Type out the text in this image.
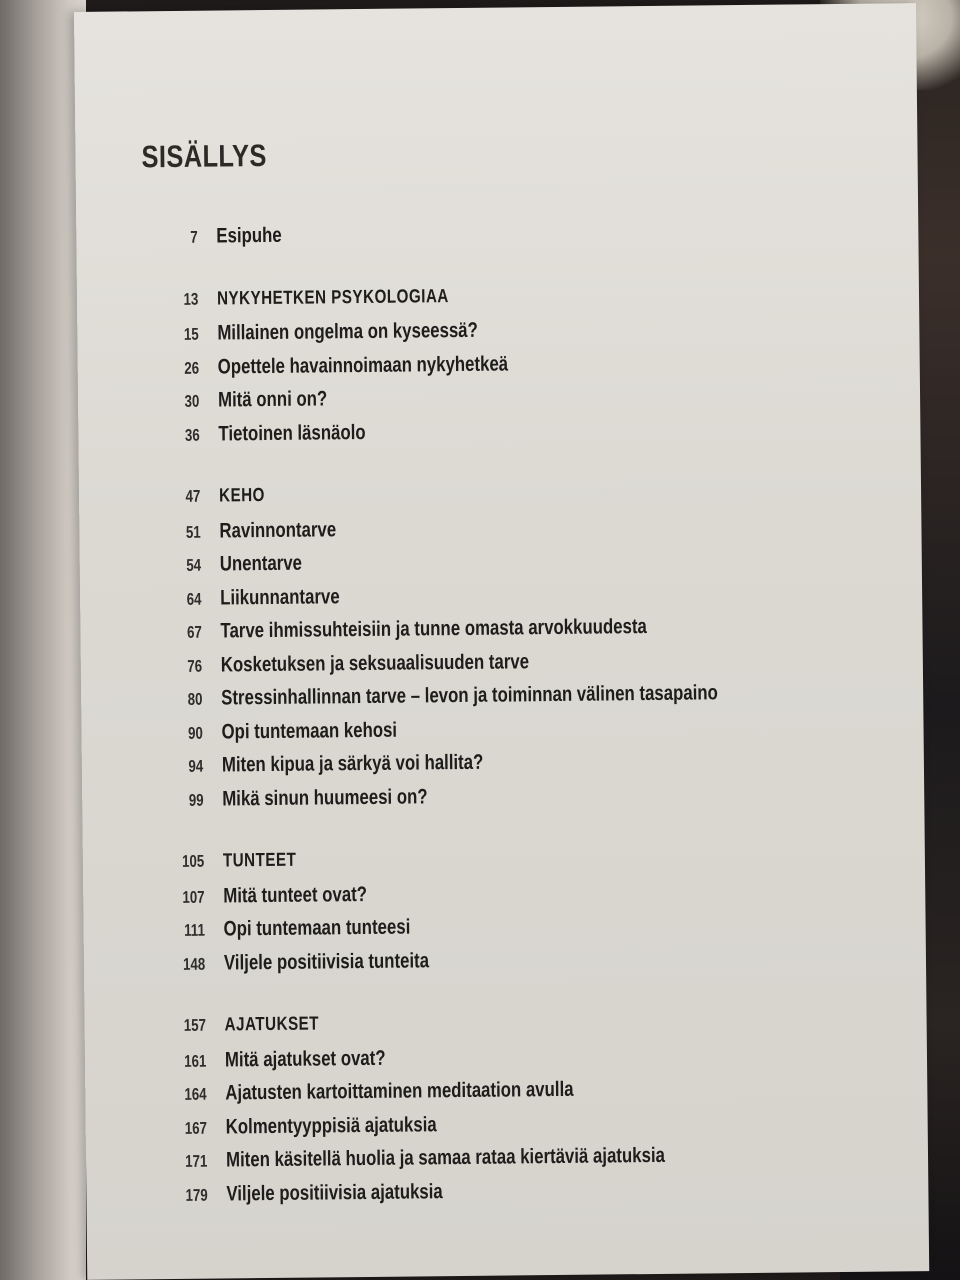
SISÄLLYS
7 Esipuhe
13 NYKYHETKEN PSYKOLOGIAA
15 Millainen ongelma on kyseessä?
26 Opettele havainnoimaan nykyhetkeä
30 Mitä onni on?
36 Tietoinen läsnäolo
47 KEHO
51 Ravinnontarve
54 Unentarve
64 Liikunnantarve
67 Tarve ihmissuhteisiin ja tunne omasta arvokkuudesta
76 Kosketuksen ja seksuaalisuuden tarve
80 Stressinhallinnan tarve – levon ja toiminnan välinen tasapaino
90 Opi tuntemaan kehosi
94 Miten kipua ja särkyä voi hallita?
99 Mikä sinun huumeesi on?
105 TUNTEET
107 Mitä tunteet ovat?
111 Opi tuntemaan tunteesi
148 Viljele positiivisia tunteita
157 AJATUKSET
161 Mitä ajatukset ovat?
164 Ajatusten kartoittaminen meditaation avulla
167 Kolmentyyppisiä ajatuksia
171 Miten käsitellä huolia ja samaa rataa kiertäviä ajatuksia
179 Viljele positiivisia ajatuksia
